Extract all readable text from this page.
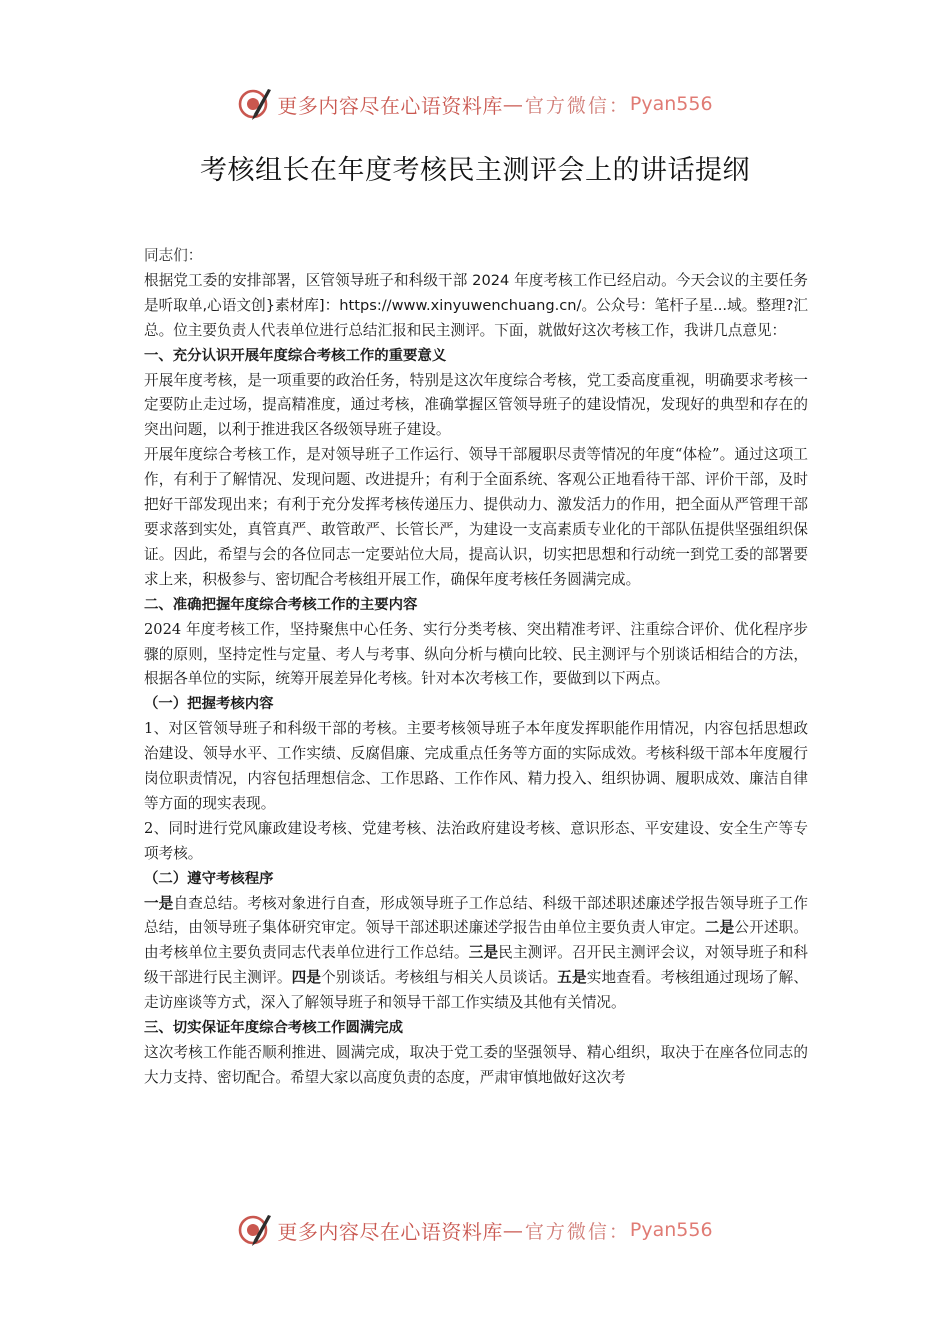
更多内容尽在心语资料库 — 官方微信： Pyan556
考核组长在年度考核民主测评会上的讲话提纲

同志们：

根据党工委的安排部署，区管领导班子和科级干部 2024 年度考核工作已经启动。今天会议的主要任务是听取单,心语文创}素材库]：https://www.xinyuwenchuang.cn/。公众号：笔杆子星...域。整理?汇总。位主要负责人代表单位进行总结汇报和民主测评。下面，就做好这次考核工作，我讲几点意见：

一、充分认识开展年度综合考核工作的重要意义

开展年度考核，是一项重要的政治任务，特别是这次年度综合考核，党工委高度重视，明确要求考核一定要防止走过场，提高精准度，通过考核，准确掌握区管领导班子的建设情况，发现好的典型和存在的突出问题，以利于推进我区各级领导班子建设。

开展年度综合考核工作，是对领导班子工作运行、领导干部履职尽责等情况的年度“体检”。通过这项工作，有利于了解情况、发现问题、改进提升；有利于全面系统、客观公正地看待干部、评价干部，及时把好干部发现出来；有利于充分发挥考核传递压力、提供动力、激发活力的作用，把全面从严管理干部要求落到实处，真管真严、敢管敢严、长管长严，为建设一支高素质专业化的干部队伍提供坚强组织保证。因此，希望与会的各位同志一定要站位大局，提高认识，切实把思想和行动统一到党工委的部署要求上来，积极参与、密切配合考核组开展工作，确保年度考核任务圆满完成。

二、准确把握年度综合考核工作的主要内容

2024 年度考核工作，坚持聚焦中心任务、实行分类考核、突出精准考评、注重综合评价、优化程序步骤的原则，坚持定性与定量、考人与考事、纵向分析与横向比较、民主测评与个别谈话相结合的方法，根据各单位的实际，统筹开展差异化考核。针对本次考核工作，要做到以下两点。

（一）把握考核内容

1、对区管领导班子和科级干部的考核。主要考核领导班子本年度发挥职能作用情况，内容包括思想政治建设、领导水平、工作实绩、反腐倡廉、完成重点任务等方面的实际成效。考核科级干部本年度履行岗位职责情况，内容包括理想信念、工作思路、工作作风、精力投入、组织协调、履职成效、廉洁自律等方面的现实表现。

2、同时进行党风廉政建设考核、党建考核、法治政府建设考核、意识形态、平安建设、安全生产等专项考核。

（二）遵守考核程序

一是自查总结。考核对象进行自查，形成领导班子工作总结、科级干部述职述廉述学报告领导班子工作总结，由领导班子集体研究审定。领导干部述职述廉述学报告由单位主要负责人审定。二是公开述职。由考核单位主要负责同志代表单位进行工作总结。三是民主测评。召开民主测评会议，对领导班子和科级干部进行民主测评。四是个别谈话。考核组与相关人员谈话。五是实地查看。考核组通过现场了解、走访座谈等方式，深入了解领导班子和领导干部工作实绩及其他有关情况。

三、切实保证年度综合考核工作圆满完成

这次考核工作能否顺利推进、圆满完成，取决于党工委的坚强领导、精心组织，取决于在座各位同志的大力支持、密切配合。希望大家以高度负责的态度，严肃审慎地做好这次考

更多内容尽在心语资料库 — 官方微信： Pyan556
